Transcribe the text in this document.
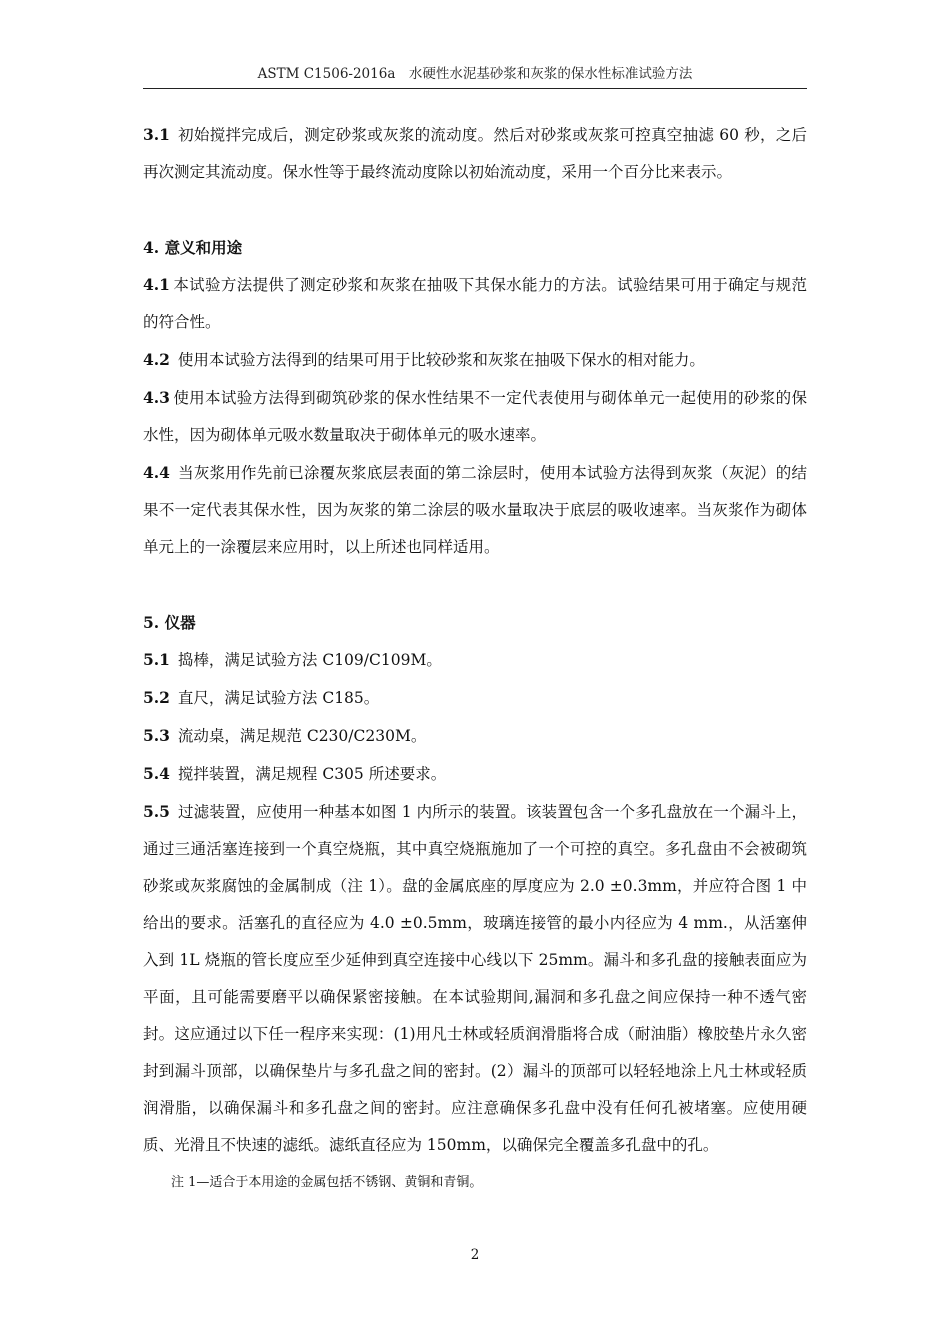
ASTM C1506-2016a　水硬性水泥基砂浆和灰浆的保水性标准试验方法

3.1 初始搅拌完成后，测定砂浆或灰浆的流动度。然后对砂浆或灰浆可控真空抽滤 60 秒，之后再次测定其流动度。保水性等于最终流动度除以初始流动度，采用一个百分比来表示。

4. 意义和用途

4.1 本试验方法提供了测定砂浆和灰浆在抽吸下其保水能力的方法。试验结果可用于确定与规范的符合性。

4.2 使用本试验方法得到的结果可用于比较砂浆和灰浆在抽吸下保水的相对能力。

4.3 使用本试验方法得到砌筑砂浆的保水性结果不一定代表使用与砌体单元一起使用的砂浆的保水性，因为砌体单元吸水数量取决于砌体单元的吸水速率。

4.4 当灰浆用作先前已涂覆灰浆底层表面的第二涂层时，使用本试验方法得到灰浆（灰泥）的结果不一定代表其保水性，因为灰浆的第二涂层的吸水量取决于底层的吸收速率。当灰浆作为砌体单元上的一涂覆层来应用时，以上所述也同样适用。

5. 仪器

5.1 捣棒，满足试验方法 C109/C109M。

5.2 直尺，满足试验方法 C185。

5.3 流动桌，满足规范 C230/C230M。

5.4 搅拌装置，满足规程 C305 所述要求。

5.5 过滤装置，应使用一种基本如图 1 内所示的装置。该装置包含一个多孔盘放在一个漏斗上，通过三通活塞连接到一个真空烧瓶，其中真空烧瓶施加了一个可控的真空。多孔盘由不会被砌筑砂浆或灰浆腐蚀的金属制成（注 1）。盘的金属底座的厚度应为 2.0 ±0.3mm，并应符合图 1 中给出的要求。活塞孔的直径应为 4.0 ±0.5mm，玻璃连接管的最小内径应为 4 mm.，从活塞伸入到 1L 烧瓶的管长度应至少延伸到真空连接中心线以下 25mm。漏斗和多孔盘的接触表面应为平面，且可能需要磨平以确保紧密接触。在本试验期间,漏洞和多孔盘之间应保持一种不透气密封。这应通过以下任一程序来实现：(1)用凡士林或轻质润滑脂将合成（耐油脂）橡胶垫片永久密封到漏斗顶部，以确保垫片与多孔盘之间的密封。(2）漏斗的顶部可以轻轻地涂上凡士林或轻质润滑脂，以确保漏斗和多孔盘之间的密封。应注意确保多孔盘中没有任何孔被堵塞。应使用硬质、光滑且不快速的滤纸。滤纸直径应为 150mm，以确保完全覆盖多孔盘中的孔。

注 1—适合于本用途的金属包括不锈钢、黄铜和青铜。

2
